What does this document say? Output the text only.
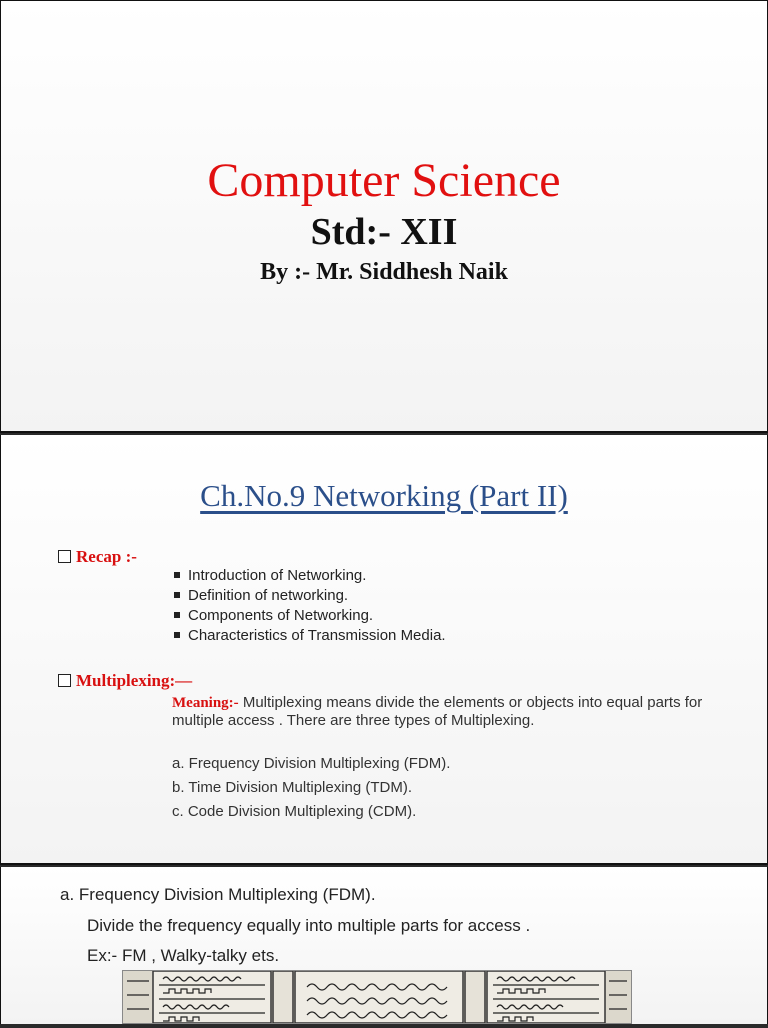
Computer Science
Std:- XII
By :- Mr. Siddhesh Naik
Ch.No.9 Networking (Part II)
Recap :-
Introduction of Networking.
Definition of networking.
Components of Networking.
Characteristics of Transmission Media.
Multiplexing:—
Meaning:- Multiplexing means divide the elements or objects into equal parts for multiple access . There are three types of Multiplexing.
a. Frequency Division Multiplexing (FDM).
b. Time Division Multiplexing (TDM).
c. Code Division Multiplexing (CDM).
a. Frequency Division Multiplexing (FDM).
Divide the frequency equally into multiple parts for access .
Ex:- FM , Walky-talky ets.
